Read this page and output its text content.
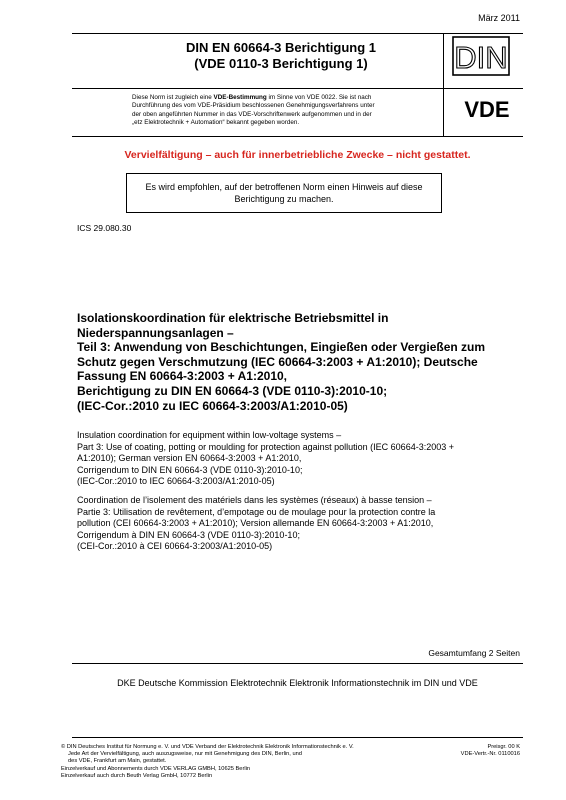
März 2011
DIN EN 60664-3 Berichtigung 1
(VDE 0110-3 Berichtigung 1)	DIN
Diese Norm ist zugleich eine VDE-Bestimmung im Sinne von VDE 0022. Sie ist nach
Durchführung des vom VDE-Präsidium beschlossenen Genehmigungsverfahrens unter
der oben angeführten Nummer in das VDE-Vorschriftenwerk aufgenommen und in der
„etz Elektrotechnik + Automation“ bekannt gegeben worden.
VDE
Vervielfältigung – auch für innerbetriebliche Zwecke – nicht gestattet.
Es wird empfohlen, auf der betroffenen Norm einen Hinweis auf diese
Berichtigung zu machen.
ICS 29.080.30
Isolationskoordination für elektrische Betriebsmittel in
Niederspannungsanlagen –
Teil 3: Anwendung von Beschichtungen, Eingießen oder Vergießen zum
Schutz gegen Verschmutzung (IEC 60664-3:2003 + A1:2010); Deutsche
Fassung EN 60664-3:2003 + A1:2010,
Berichtigung zu DIN EN 60664-3 (VDE 0110-3):2010-10;
(IEC-Cor.:2010 zu IEC 60664-3:2003/A1:2010-05)
Insulation coordination for equipment within low-voltage systems –
Part 3: Use of coating, potting or moulding for protection against pollution (IEC 60664-3:2003 +
A1:2010); German version EN 60664-3:2003 + A1:2010,
Corrigendum to DIN EN 60664-3 (VDE 0110-3):2010-10;
(IEC-Cor.:2010 to IEC 60664-3:2003/A1:2010-05)
Coordination de l’isolement des matériels dans les systèmes (réseaux) à basse tension –
Partie 3: Utilisation de revêtement, d’empotage ou de moulage pour la protection contre la
pollution (CEI 60664-3:2003 + A1:2010); Version allemande EN 60664-3:2003 + A1:2010,
Corrigendum à DIN EN 60664-3 (VDE 0110-3):2010-10;
(CEI-Cor.:2010 à CEI 60664-3:2003/A1:2010-05)
Gesamtumfang 2 Seiten
DKE Deutsche Kommission Elektrotechnik Elektronik Informationstechnik im DIN und VDE
© DIN Deutsches Institut für Normung e. V. und VDE Verband der Elektrotechnik Elektronik Informationstechnik e. V.
Jede Art der Vervielfältigung, auch auszugsweise, nur mit Genehmigung des DIN, Berlin, und
des VDE, Frankfurt am Main, gestattet.
Einzelverkauf und Abonnements durch VDE VERLAG GMBH, 10625 Berlin
Einzelverkauf auch durch Beuth Verlag GmbH, 10772 Berlin
Preisgr. 00 K
VDE-Vertr.-Nr. 0110016
